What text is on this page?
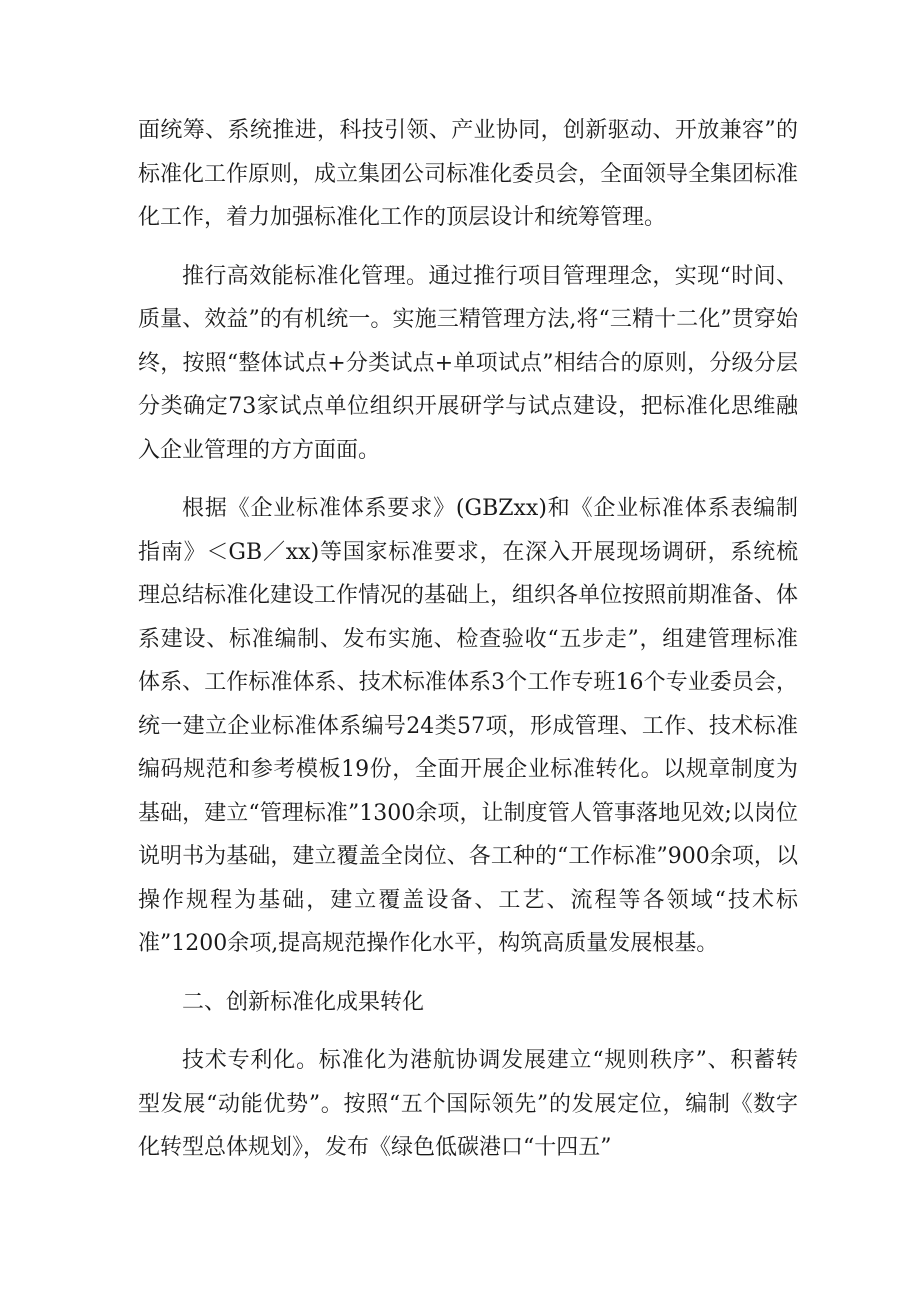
面统筹、系统推进，科技引领、产业协同，创新驱动、开放兼容”的标准化工作原则，成立集团公司标准化委员会，全面领导全集团标准化工作，着力加强标准化工作的顶层设计和统筹管理。

推行高效能标准化管理。通过推行项目管理理念，实现“时间、质量、效益”的有机统一。实施三精管理方法,将“三精十二化”贯穿始终，按照“整体试点+分类试点+单项试点”相结合的原则，分级分层分类确定73家试点单位组织开展研学与试点建设，把标准化思维融入企业管理的方方面面。

根据《企业标准体系要求》(GBZxx)和《企业标准体系表编制指南》＜GB／xx)等国家标准要求，在深入开展现场调研，系统梳理总结标准化建设工作情况的基础上，组织各单位按照前期准备、体系建设、标准编制、发布实施、检查验收“五步走”，组建管理标准体系、工作标准体系、技术标准体系3个工作专班16个专业委员会，统一建立企业标准体系编号24类57项，形成管理、工作、技术标准编码规范和参考模板19份，全面开展企业标准转化。以规章制度为基础，建立“管理标准”1300余项，让制度管人管事落地见效;以岗位说明书为基础，建立覆盖全岗位、各工种的“工作标准”900余项，以操作规程为基础，建立覆盖设备、工艺、流程等各领域“技术标准”1200余项,提高规范操作化水平，构筑高质量发展根基。

二、创新标准化成果转化

技术专利化。标准化为港航协调发展建立“规则秩序”、积蓄转型发展“动能优势”。按照“五个国际领先”的发展定位，编制《数字化转型总体规划》，发布《绿色低碳港口“十四五”
